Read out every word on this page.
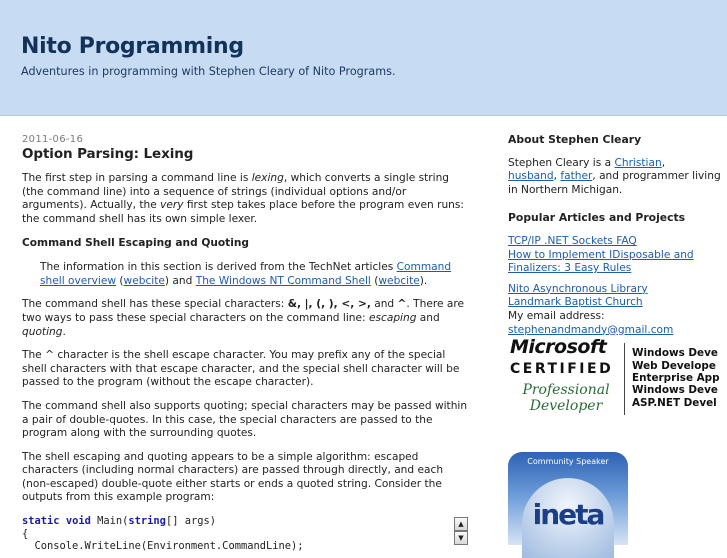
Nito Programming
Adventures in programming with Stephen Cleary of Nito Programs.
2011-06-16
Option Parsing: Lexing

The first step in parsing a command line is lexing, which converts a single string (the command line) into a sequence of strings (individual options and/or arguments). Actually, the very first step takes place before the program even runs: the command shell has its own simple lexer.

Command Shell Escaping and Quoting
The information in this section is derived from the TechNet articles Command shell overview (webcite) and The Windows NT Command Shell (webcite).

The command shell has these special characters: &, |, (, ), <, >, and ^. There are two ways to pass these special characters on the command line: escaping and quoting.

The ^ character is the shell escape character. You may prefix any of the special shell characters with that escape character, and the special shell character will be passed to the program (without the escape character).

The command shell also supports quoting; special characters may be passed within a pair of double-quotes. In this case, the special characters are passed to the program along with the surrounding quotes.

The shell escaping and quoting appears to be a simple algorithm: escaped characters (including normal characters) are passed through directly, and each (non-escaped) double-quote either starts or ends a quoted string. Consider the outputs from this example program:

static void Main(string[] args)
{
Console.WriteLine(Environment.CommandLine);
▲
▼
About Stephen Cleary
Stephen Cleary is a Christian,
husband, father, and programmer living in Northern Michigan.
Popular Articles and Projects
TCP/IP .NET Sockets FAQ
How to Implement IDisposable and Finalizers: 3 Easy Rules
Nito Asynchronous Library
Landmark Baptist Church
My email address:
stephenandmandy@gmail.com
Microsoft
CERTIFIED
Professional Developer
Windows Deve
Web Develope
Enterprise App
Windows Deve
ASP.NET Devel
Community Speaker
ineta
